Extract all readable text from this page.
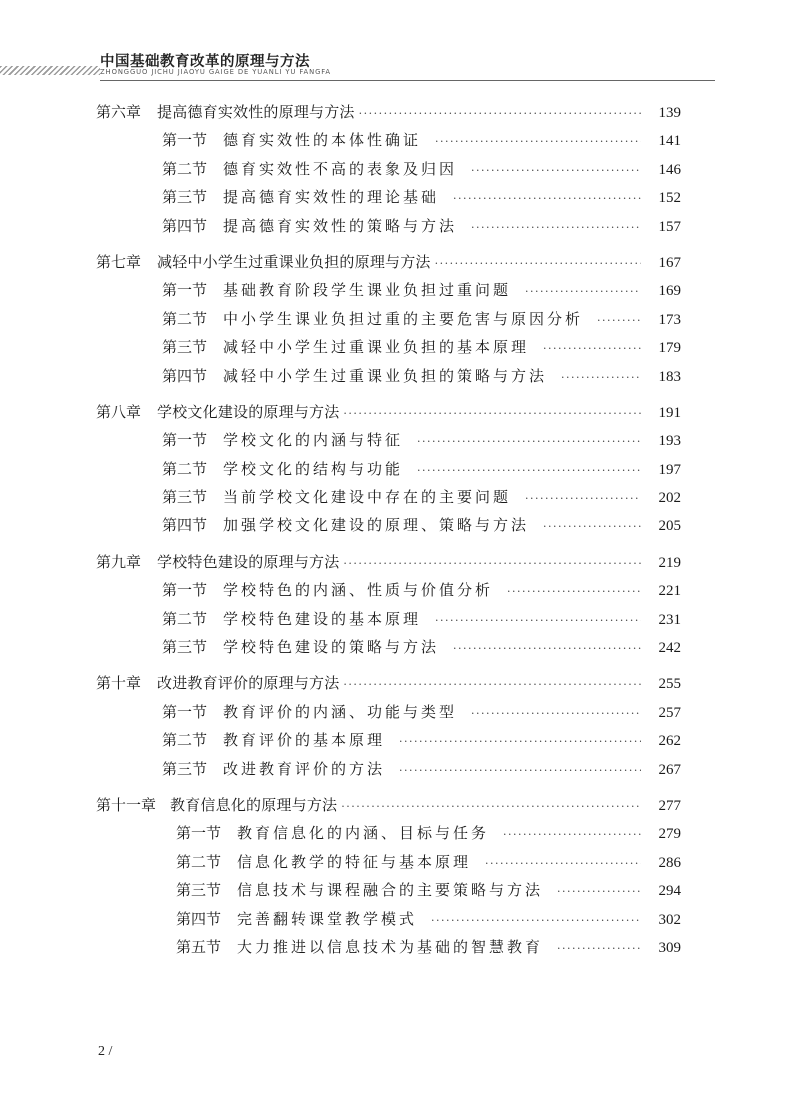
中国基础教育改革的原理与方法
ZHONGGUO JICHU JIAOYU GAIGE DE YUANLI YU FANGFA
第六章 提高德育实效性的原理与方法 ·····	139
第一节 德育实效性的本体性确证 ·····	141
第二节 德育实效性不高的表象及归因 ·····	146
第三节 提高德育实效性的理论基础 ·····	152
第四节 提高德育实效性的策略与方法 ·····	157
第七章 减轻中小学生过重课业负担的原理与方法 ·····	167
第一节 基础教育阶段学生课业负担过重问题 ·····	169
第二节 中小学生课业负担过重的主要危害与原因分析 ·····	173
第三节 减轻中小学生过重课业负担的基本原理 ·····	179
第四节 减轻中小学生过重课业负担的策略与方法 ·····	183
第八章 学校文化建设的原理与方法 ·····	191
第一节 学校文化的内涵与特征 ·····	193
第二节 学校文化的结构与功能 ·····	197
第三节 当前学校文化建设中存在的主要问题 ·····	202
第四节 加强学校文化建设的原理、策略与方法 ·····	205
第九章 学校特色建设的原理与方法 ·····	219
第一节 学校特色的内涵、性质与价值分析 ·····	221
第二节 学校特色建设的基本原理 ·····	231
第三节 学校特色建设的策略与方法 ·····	242
第十章 改进教育评价的原理与方法 ·····	255
第一节 教育评价的内涵、功能与类型 ·····	257
第二节 教育评价的基本原理 ·····	262
第三节 改进教育评价的方法 ·····	267
第十一章 教育信息化的原理与方法 ·····	277
第一节 教育信息化的内涵、目标与任务 ·····	279
第二节 信息化教学的特征与基本原理 ·····	286
第三节 信息技术与课程融合的主要策略与方法 ·····	294
第四节 完善翻转课堂教学模式 ·····	302
第五节 大力推进以信息技术为基础的智慧教育 ·····	309
2 /
